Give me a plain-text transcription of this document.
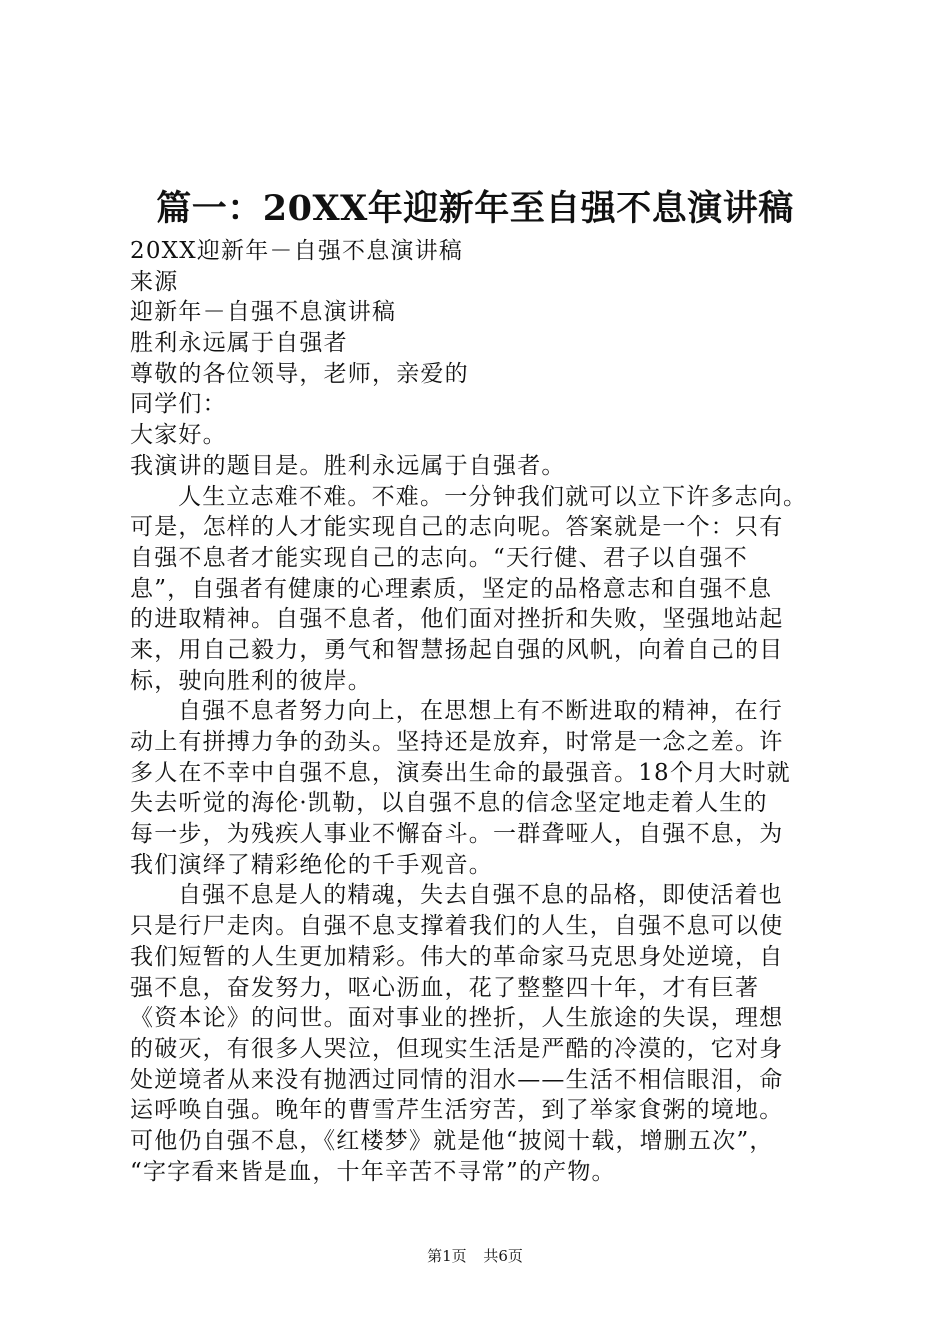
篇一：20XX年迎新年至自强不息演讲稿
20XX迎新年－自强不息演讲稿
来源
迎新年－自强不息演讲稿
胜利永远属于自强者
尊敬的各位领导，老师，亲爱的
同学们：
大家好。
我演讲的题目是。胜利永远属于自强者。
人生立志难不难。不难。一分钟我们就可以立下许多志向。
可是，怎样的人才能实现自己的志向呢。答案就是一个：只有
自强不息者才能实现自己的志向。“天行健、君子以自强不
息”，自强者有健康的心理素质，坚定的品格意志和自强不息
的进取精神。自强不息者，他们面对挫折和失败，坚强地站起
来，用自己毅力，勇气和智慧扬起自强的风帆，向着自己的目
标，驶向胜利的彼岸。
自强不息者努力向上，在思想上有不断进取的精神，在行
动上有拼搏力争的劲头。坚持还是放弃，时常是一念之差。许
多人在不幸中自强不息，演奏出生命的最强音。18个月大时就
失去听觉的海伦·凯勒，以自强不息的信念坚定地走着人生的
每一步，为残疾人事业不懈奋斗。一群聋哑人，自强不息，为
我们演绎了精彩绝伦的千手观音。
自强不息是人的精魂，失去自强不息的品格，即使活着也
只是行尸走肉。自强不息支撑着我们的人生，自强不息可以使
我们短暂的人生更加精彩。伟大的革命家马克思身处逆境，自
强不息，奋发努力，呕心沥血，花了整整四十年，才有巨著
《资本论》的问世。面对事业的挫折，人生旅途的失误，理想
的破灭，有很多人哭泣，但现实生活是严酷的冷漠的，它对身
处逆境者从来没有抛洒过同情的泪水——生活不相信眼泪，命
运呼唤自强。晚年的曹雪芹生活穷苦，到了举家食粥的境地。
可他仍自强不息，《红楼梦》就是他“披阅十载，增删五次”，
“字字看来皆是血，十年辛苦不寻常”的产物。
第1页 共6页
